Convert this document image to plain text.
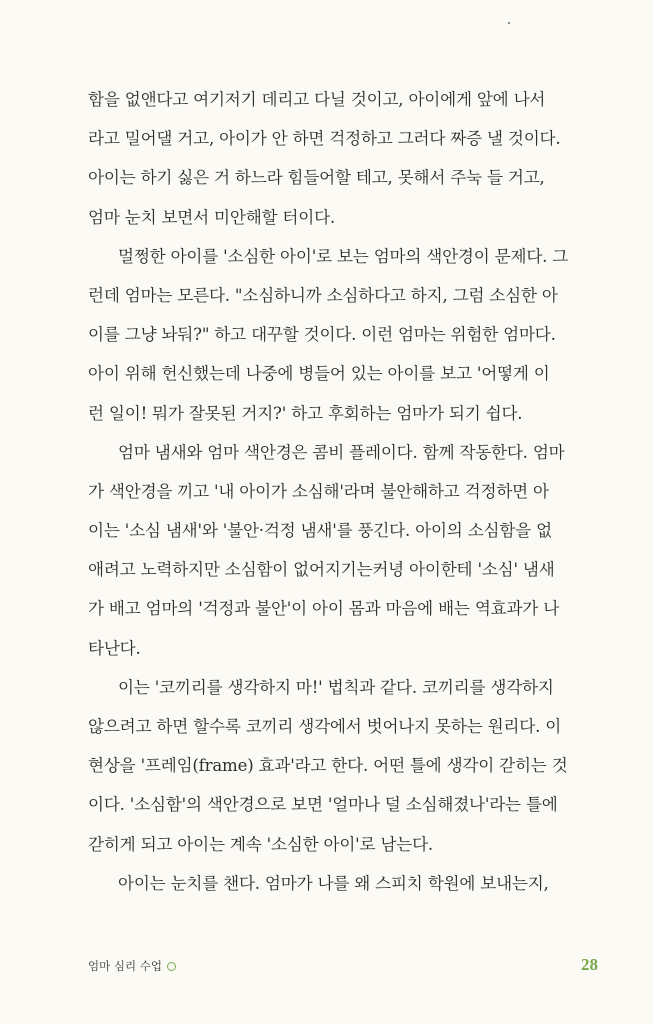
함을 없앤다고 여기저기 데리고 다닐 것이고, 아이에게 앞에 나서
라고 밀어댈 거고, 아이가 안 하면 걱정하고 그러다 짜증 낼 것이다.
아이는 하기 싫은 거 하느라 힘들어할 테고, 못해서 주눅 들 거고,
엄마 눈치 보면서 미안해할 터이다.
멀쩡한 아이를 '소심한 아이'로 보는 엄마의 색안경이 문제다. 그
런데 엄마는 모른다. "소심하니까 소심하다고 하지, 그럼 소심한 아
이를 그냥 놔둬?" 하고 대꾸할 것이다. 이런 엄마는 위험한 엄마다.
아이 위해 헌신했는데 나중에 병들어 있는 아이를 보고 '어떻게 이
런 일이! 뭐가 잘못된 거지?' 하고 후회하는 엄마가 되기 쉽다.
엄마 냄새와 엄마 색안경은 콤비 플레이다. 함께 작동한다. 엄마
가 색안경을 끼고 '내 아이가 소심해'라며 불안해하고 걱정하면 아
이는 '소심 냄새'와 '불안·걱정 냄새'를 풍긴다. 아이의 소심함을 없
애려고 노력하지만 소심함이 없어지기는커녕 아이한테 '소심' 냄새
가 배고 엄마의 '걱정과 불안'이 아이 몸과 마음에 배는 역효과가 나
타난다.
이는 '코끼리를 생각하지 마!' 법칙과 같다. 코끼리를 생각하지
않으려고 하면 할수록 코끼리 생각에서 벗어나지 못하는 원리다. 이
현상을 '프레임(frame) 효과'라고 한다. 어떤 틀에 생각이 갇히는 것
이다. '소심함'의 색안경으로 보면 '얼마나 덜 소심해졌나'라는 틀에
갇히게 되고 아이는 계속 '소심한 아이'로 남는다.
아이는 눈치를 챈다. 엄마가 나를 왜 스피치 학원에 보내는지,
엄마 심리 수업	28
